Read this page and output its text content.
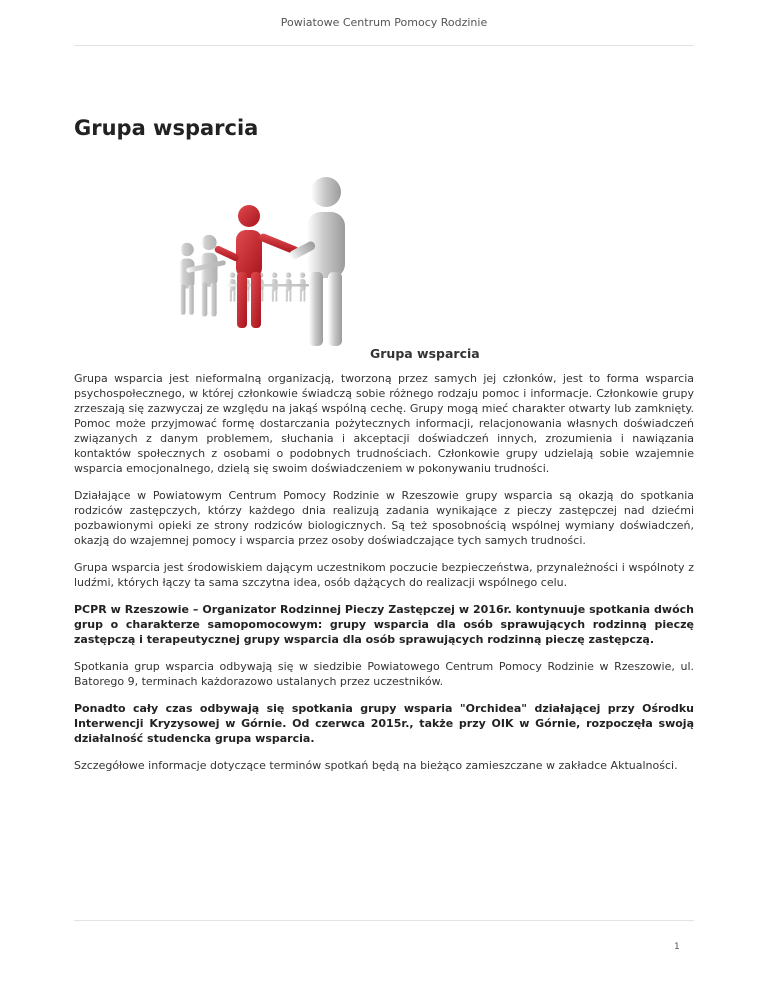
Powiatowe Centrum Pomocy Rodzinie
Grupa wsparcia
Grupa wsparcia

Grupa wsparcia jest nieformalną organizacją, tworzoną przez samych jej członków, jest to forma wsparcia psychospołecznego, w której członkowie świadczą sobie różnego rodzaju pomoc i informacje. Członkowie grupy zrzeszają się zazwyczaj ze względu na jakąś wspólną cechę. Grupy mogą mieć charakter otwarty lub zamknięty. Pomoc może przyjmować formę dostarczania pożytecznych informacji, relacjonowania własnych doświadczeń związanych z danym problemem, słuchania i akceptacji doświadczeń innych, zrozumienia i nawiązania kontaktów społecznych z osobami o podobnych trudnościach. Członkowie grupy udzielają sobie wzajemnie wsparcia emocjonalnego, dzielą się swoim doświadczeniem w pokonywaniu trudności.

Działające w Powiatowym Centrum Pomocy Rodzinie w Rzeszowie grupy wsparcia są okazją do spotkania rodziców zastępczych, którzy każdego dnia realizują zadania wynikające z pieczy zastępczej nad dziećmi pozbawionymi opieki ze strony rodziców biologicznych. Są też sposobnością wspólnej wymiany doświadczeń, okazją do wzajemnej pomocy i wsparcia przez osoby doświadczające tych samych trudności.

Grupa wsparcia jest środowiskiem dającym uczestnikom poczucie bezpieczeństwa, przynależności i wspólnoty z ludźmi, których łączy ta sama szczytna idea, osób dążących do realizacji wspólnego celu.

PCPR w Rzeszowie – Organizator Rodzinnej Pieczy Zastępczej w 2016r. kontynuuje spotkania dwóch grup o charakterze samopomocowym: grupy wsparcia dla osób sprawujących rodzinną pieczę zastępczą i terapeutycznej grupy wsparcia dla osób sprawujących rodzinną pieczę zastępczą.

Spotkania grup wsparcia odbywają się w siedzibie Powiatowego Centrum Pomocy Rodzinie w Rzeszowie, ul. Batorego 9, terminach każdorazowo ustalanych przez uczestników.

Ponadto cały czas odbywają się spotkania grupy wsparia "Orchidea" działającej przy Ośrodku Interwencji Kryzysowej w Górnie. Od czerwca 2015r., także przy OIK w Górnie, rozpoczęła swoją działalność studencka grupa wsparcia.

Szczegółowe informacje dotyczące terminów spotkań będą na bieżąco zamieszczane w zakładce Aktualności.

1
